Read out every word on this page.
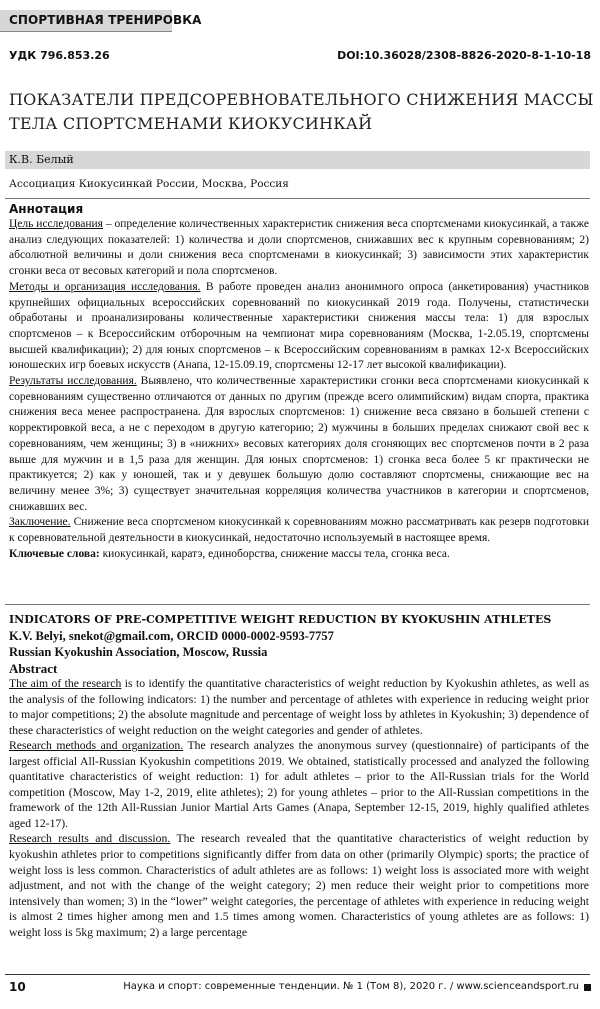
СПОРТИВНАЯ ТРЕНИРОВКА
УДК 796.853.26	DOI:10.36028/2308-8826-2020-8-1-10-18
ПОКАЗАТЕЛИ ПРЕДСОРЕВНОВАТЕЛЬНОГО СНИЖЕНИЯ МАССЫ ТЕЛА СПОРТСМЕНАМИ КИОКУСИНКАЙ
К.В. Белый
Ассоциация Киокусинкай России, Москва, Россия
Аннотация
Цель исследования – определение количественных характеристик снижения веса спортсменами киокусинкай, а также анализ следующих показателей: 1) количества и доли спортсменов, снижавших вес к крупным соревнованиям; 2) абсолютной величины и доли снижения веса спортсменами в киокусинкай; 3) зависимости этих характеристик сгонки веса от весовых категорий и пола спортсменов.
Методы и организация исследования. В работе проведен анализ анонимного опроса (анкетирования) участников крупнейших официальных всероссийских соревнований по киокусинкай 2019 года. Получены, статистически обработаны и проанализированы количественные характеристики снижения массы тела: 1) для взрослых спортсменов – к Всероссийским отборочным на чемпионат мира соревнованиям (Москва, 1-2.05.19, спортсмены высшей квалификации); 2) для юных спортсменов – к Всероссийским соревнованиям в рамках 12-х Всероссийских юношеских игр боевых искусств (Анапа, 12-15.09.19, спортсмены 12-17 лет высокой квалификации).
Результаты исследования. Выявлено, что количественные характеристики сгонки веса спортсменами киокусинкай к соревнованиям существенно отличаются от данных по другим (прежде всего олимпийским) видам спорта, практика снижения веса менее распространена. Для взрослых спортсменов: 1) снижение веса связано в большей степени с корректировкой веса, а не с переходом в другую категорию; 2) мужчины в больших пределах снижают свой вес к соревнованиям, чем женщины; 3) в «нижних» весовых категориях доля сгоняющих вес спортсменов почти в 2 раза выше для мужчин и в 1,5 раза для женщин. Для юных спортсменов: 1) сгонка веса более 5 кг практически не практикуется; 2) как у юношей, так и у девушек большую долю составляют спортсмены, снижающие вес на величину менее 3%; 3) существует значительная корреляция количества участников в категории и спортсменов, снижавших вес.
Заключение. Снижение веса спортсменом киокусинкай к соревнованиям можно рассматривать как резерв подготовки к соревновательной деятельности в киокусинкай, недостаточно используемый в настоящее время.
Ключевые слова: киокусинкай, каратэ, единоборства, снижение массы тела, сгонка веса.
INDICATORS OF PRE-COMPETITIVE WEIGHT REDUCTION BY KYOKUSHIN ATHLETES
K.V. Belyi, snekot@gmail.com, ORCID 0000-0002-9593-7757
Russian Kyokushin Association, Moscow, Russia
Abstract
The aim of the research is to identify the quantitative characteristics of weight reduction by Kyokushin athletes, as well as the analysis of the following indicators: 1) the number and percentage of athletes with experience in reducing weight prior to major competitions; 2) the absolute magnitude and percentage of weight loss by athletes in Kyokushin; 3) dependence of these characteristics of weight reduction on the weight categories and gender of athletes.
Research methods and organization. The research analyzes the anonymous survey (questionnaire) of participants of the largest official All-Russian Kyokushin competitions 2019. We obtained, statistically processed and analyzed the following quantitative characteristics of weight reduction: 1) for adult athletes – prior to the All-Russian trials for the World competition (Moscow, May 1-2, 2019, elite athletes); 2) for young athletes – prior to the All-Russian competitions in the framework of the 12th All-Russian Junior Martial Arts Games (Anapa, September 12-15, 2019, highly qualified athletes aged 12-17).
Research results and discussion. The research revealed that the quantitative characteristics of weight reduction by kyokushin athletes prior to competitions significantly differ from data on other (primarily Olympic) sports; the practice of weight loss is less common. Characteristics of adult athletes are as follows: 1) weight loss is associated more with weight adjustment, and not with the change of the weight category; 2) men reduce their weight prior to competitions more intensively than women; 3) in the “lower” weight categories, the percentage of athletes with experience in reducing weight is almost 2 times higher among men and 1.5 times among women. Characteristics of young athletes are as follows: 1) weight loss is 5kg maximum; 2) a large percentage
10	Наука и спорт: современные тенденции. № 1 (Том 8), 2020 г. / www.scienceandsport.ru
